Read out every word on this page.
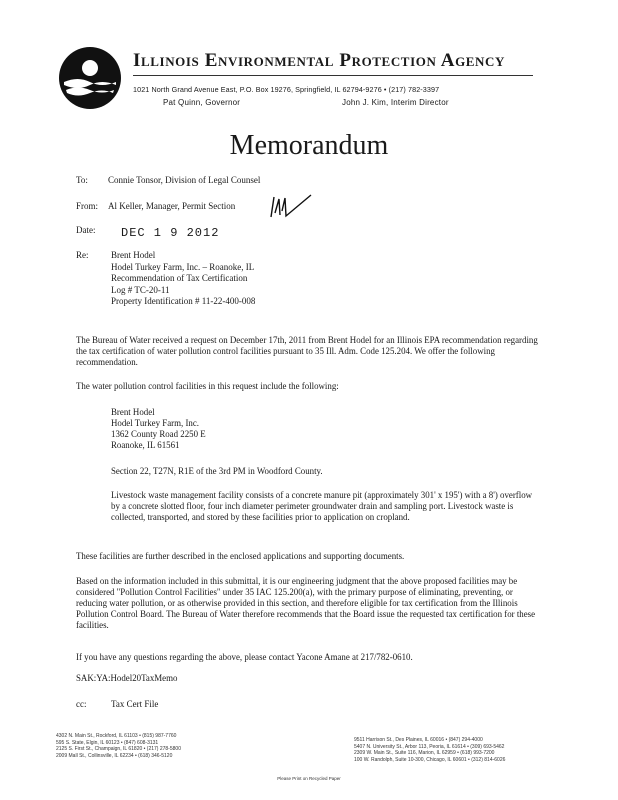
Illinois Environmental Protection Agency
1021 North Grand Avenue East, P.O. Box 19276, Springfield, IL 62794-9276 • (217) 782-3397
Pat Quinn, Governor	John J. Kim, Interim Director
Memorandum
To: Connie Tonsor, Division of Legal Counsel
From: Al Keller, Manager, Permit Section
Date: DEC 1 9 2012
Re:	Brent Hodel
Hodel Turkey Farm, Inc. – Roanoke, IL
Recommendation of Tax Certification
Log # TC-20-11
Property Identification # 11-22-400-008
The Bureau of Water received a request on December 17th, 2011 from Brent Hodel for an Illinois EPA recommendation regarding the tax certification of water pollution control facilities pursuant to 35 Ill. Adm. Code 125.204. We offer the following recommendation.
The water pollution control facilities in this request include the following:
Brent Hodel
Hodel Turkey Farm, Inc.
1362 County Road 2250 E
Roanoke, IL 61561
Section 22, T27N, R1E of the 3rd PM in Woodford County.
Livestock waste management facility consists of a concrete manure pit (approximately 301' x 195') with a 8') overflow by a concrete slotted floor, four inch diameter perimeter groundwater drain and sampling port. Livestock waste is collected, transported, and stored by these facilities prior to application on cropland.
These facilities are further described in the enclosed applications and supporting documents.
Based on the information included in this submittal, it is our engineering judgment that the above proposed facilities may be considered "Pollution Control Facilities" under 35 IAC 125.200(a), with the primary purpose of eliminating, preventing, or reducing water pollution, or as otherwise provided in this section, and therefore eligible for tax certification from the Illinois Pollution Control Board. The Bureau of Water therefore recommends that the Board issue the requested tax certification for these facilities.
If you have any questions regarding the above, please contact Yacone Amane at 217/782-0610.
SAK:YA:Hodel20TaxMemo
cc:	Tax Cert File
4302 N. Main St., Rockford, IL 61103 • (815) 987-7760
595 S. State, Elgin, IL 60123 • (847) 608-3131
2125 S. First St., Champaign, IL 61820 • (217) 278-5800
2009 Mall St., Collinsville, IL 62234 • (618) 346-5120
9511 Harrison St., Des Plaines, IL 60016 • (847) 294-4000
5407 N. University St., Arbor 113, Peoria, IL 61614 • (309) 693-5462
2309 W. Main St., Suite 116, Marion, IL 62959 • (618) 993-7200
100 W. Randolph, Suite 10-300, Chicago, IL 60601 • (312) 814-6026
Please Print on Recycled Paper
